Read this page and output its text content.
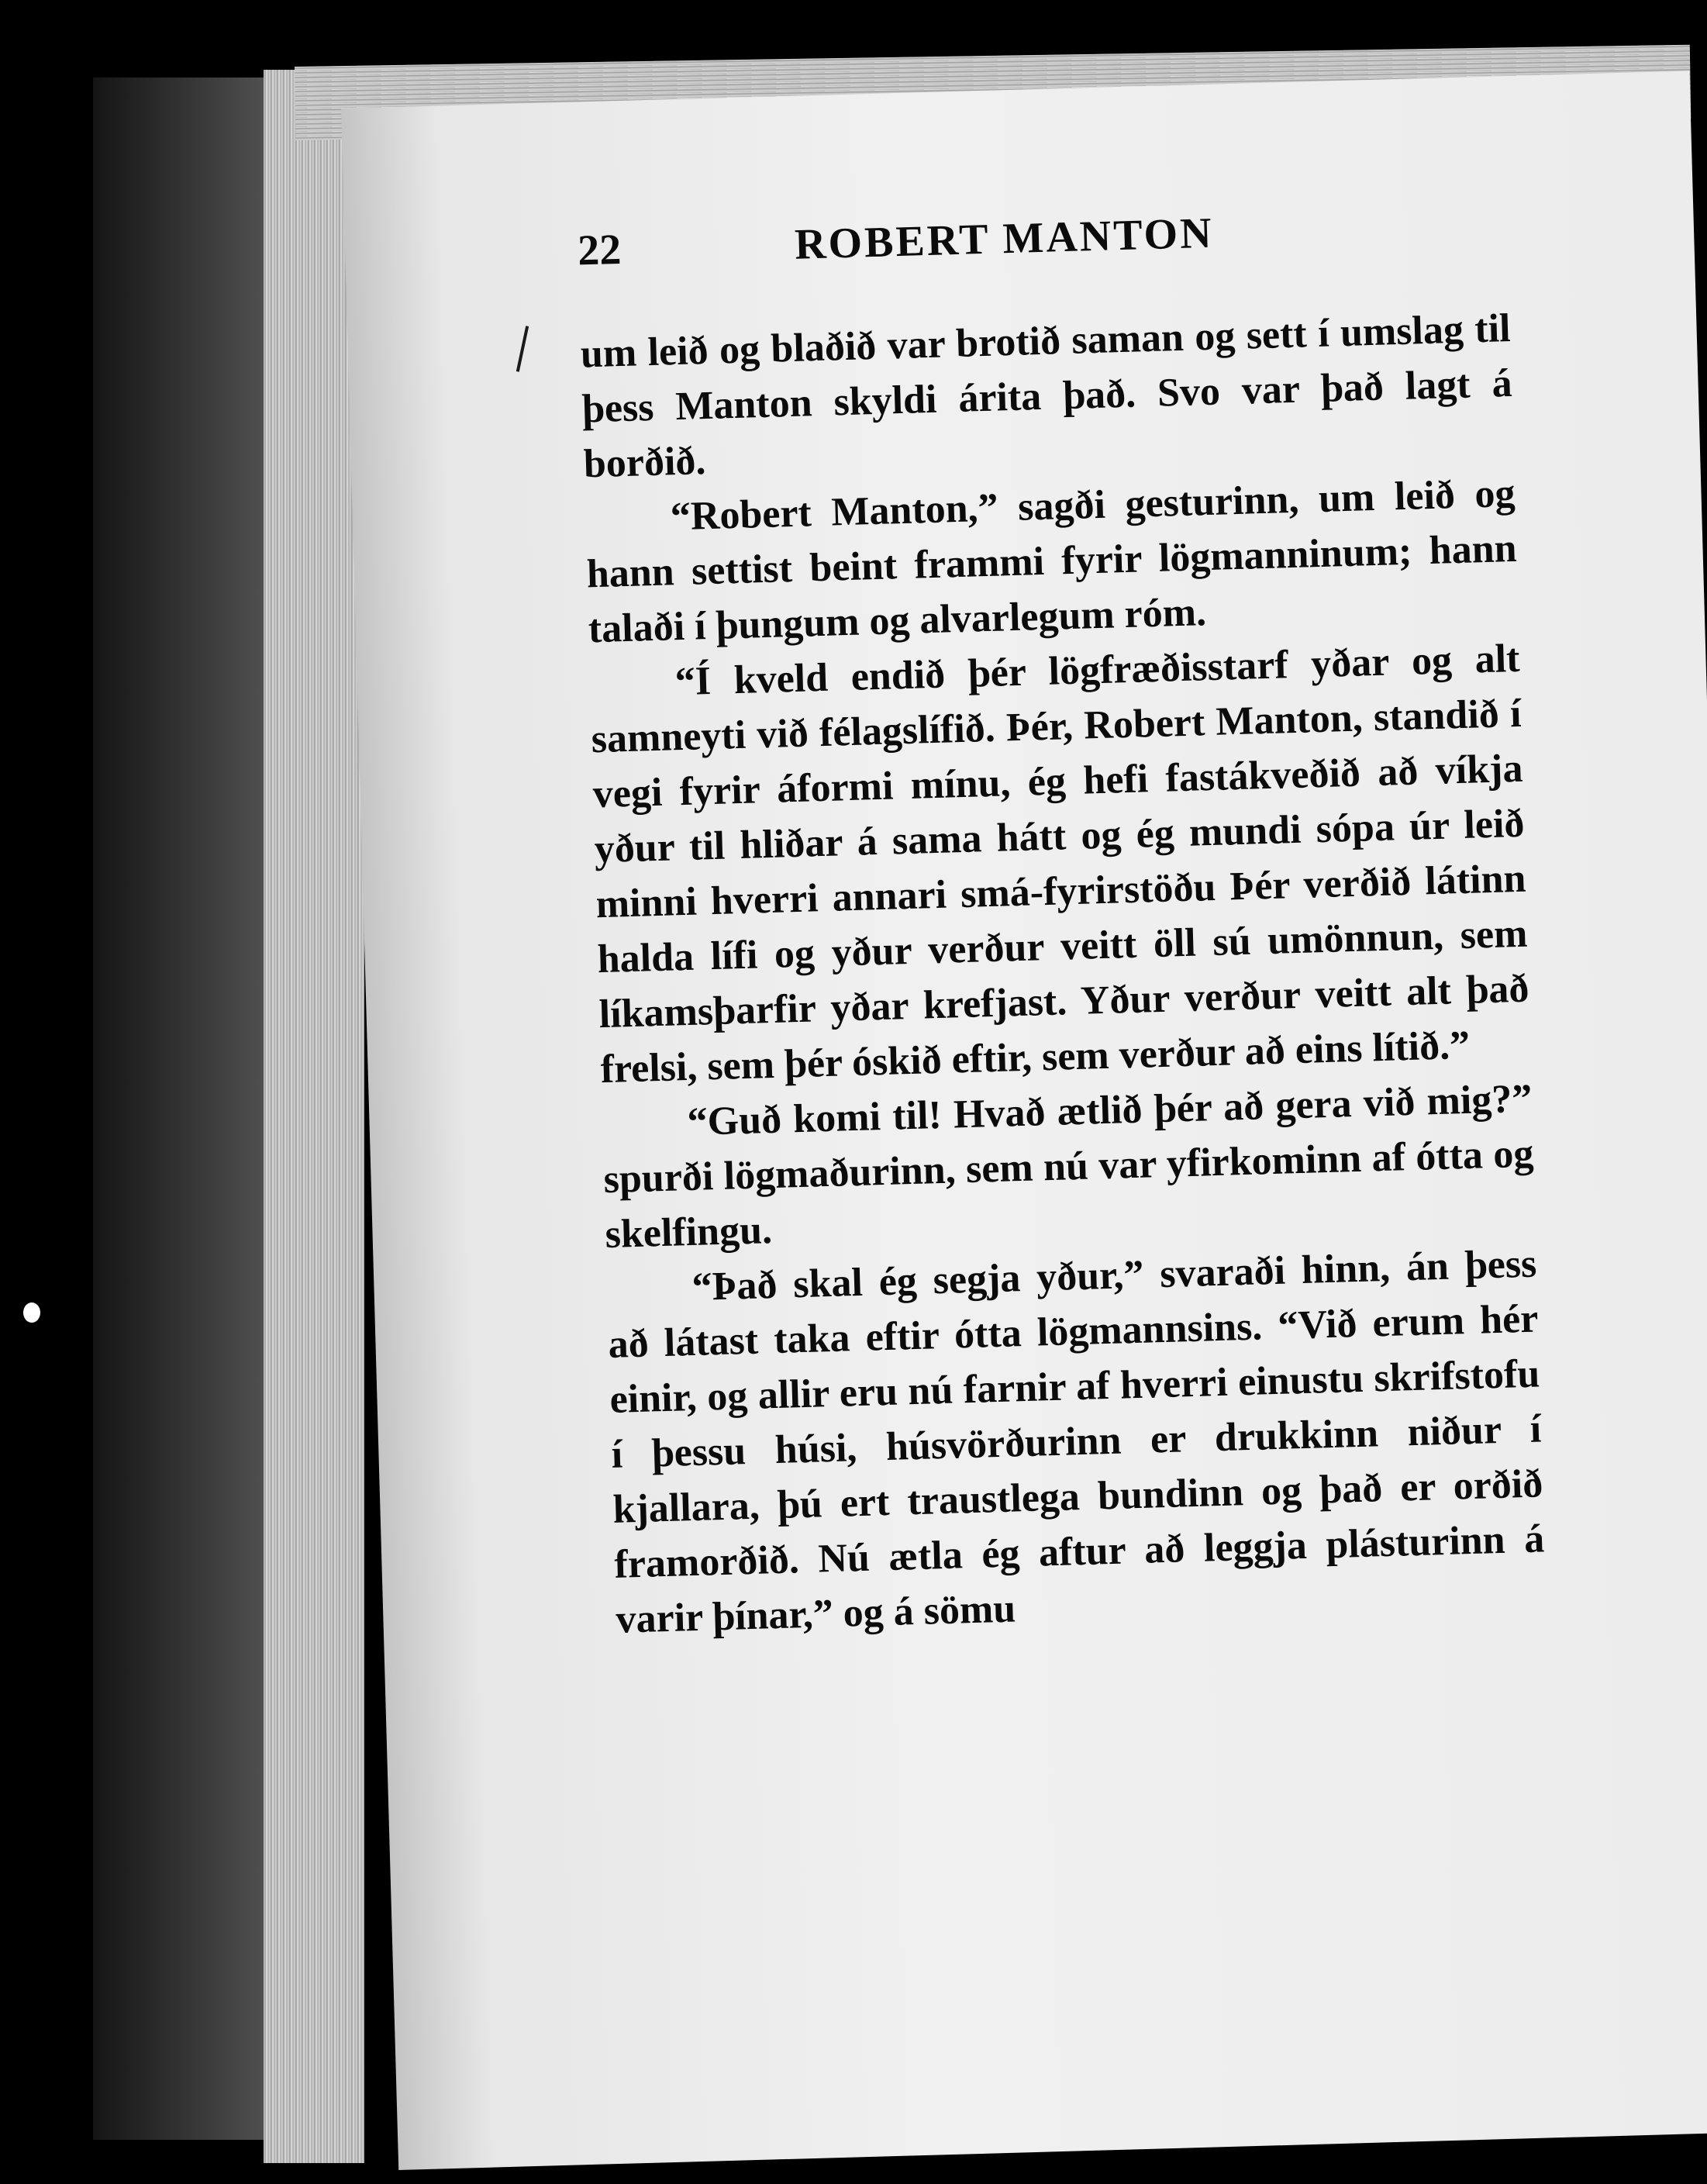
22	ROBERT MANTON

um leið og blaðið var brotið saman og sett í umslag til þess Manton skyldi árita það. Svo var það lagt á borðið.

“Robert Manton,” sagði gesturinn, um leið og hann settist beint frammi fyrir lögmanninum; hann talaði í þungum og alvarlegum róm.

“Í kveld endið þér lögfræðisstarf yðar og alt samneyti við félagslífið. Þér, Robert Manton, standið í vegi fyrir áformi mínu, ég hefi fastákveðið að víkja yður til hliðar á sama hátt og ég mundi sópa úr leið minni hverri annari smá-fyrirstöðu Þér verðið látinn halda lífi og yður verður veitt öll sú umönnun, sem líkamsþarfir yðar krefjast. Yður verður veitt alt það frelsi, sem þér óskið eftir, sem verður að eins lítið.”

“Guð komi til! Hvað ætlið þér að gera við mig?” spurði lögmaðurinn, sem nú var yfirkominn af ótta og skelfingu.

“Það skal ég segja yður,” svaraði hinn, án þess að látast taka eftir ótta lögmannsins. “Við erum hér einir, og allir eru nú farnir af hverri einustu skrifstofu í þessu húsi, húsvörðurinn er drukkinn niður í kjallara, þú ert traustlega bundinn og það er orðið framorðið. Nú ætla ég aftur að leggja plásturinn á varir þínar,” og á sömu
